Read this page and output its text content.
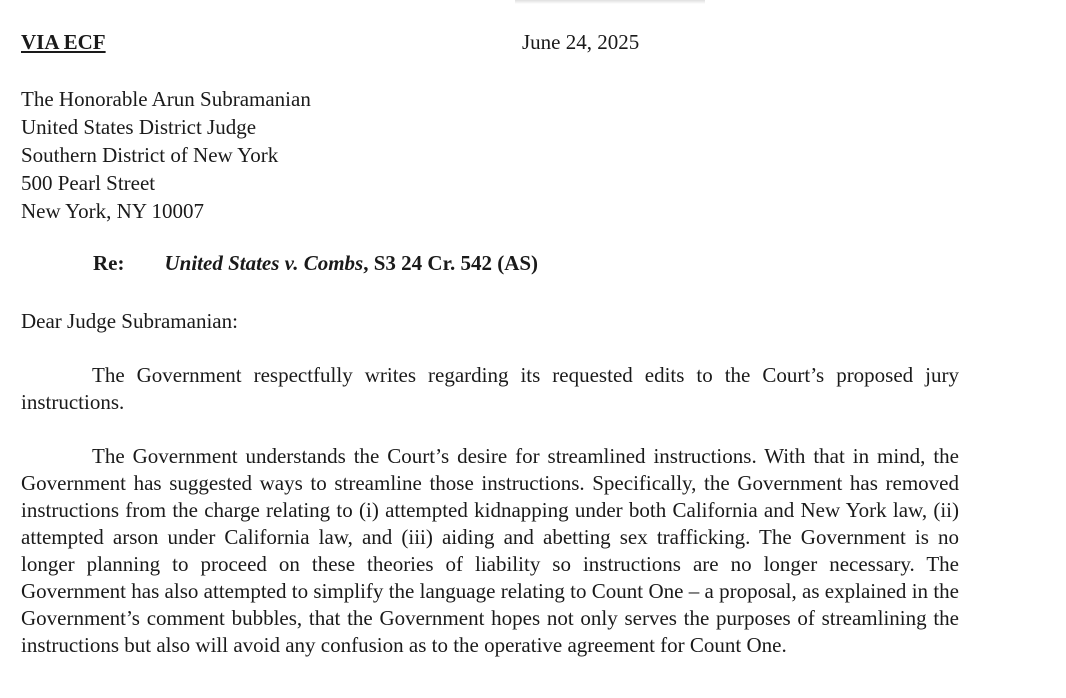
VIA ECF	June 24, 2025
The Honorable Arun Subramanian
United States District Judge
Southern District of New York
500 Pearl Street
New York, NY 10007
Re: United States v. Combs, S3 24 Cr. 542 (AS)
Dear Judge Subramanian:
The Government respectfully writes regarding its requested edits to the Court’s proposed jury instructions.
The Government understands the Court’s desire for streamlined instructions. With that in mind, the Government has suggested ways to streamline those instructions. Specifically, the Government has removed instructions from the charge relating to (i) attempted kidnapping under both California and New York law, (ii) attempted arson under California law, and (iii) aiding and abetting sex trafficking. The Government is no longer planning to proceed on these theories of liability so instructions are no longer necessary. The Government has also attempted to simplify the language relating to Count One – a proposal, as explained in the Government’s comment bubbles, that the Government hopes not only serves the purposes of streamlining the instructions but also will avoid any confusion as to the operative agreement for Count One.
